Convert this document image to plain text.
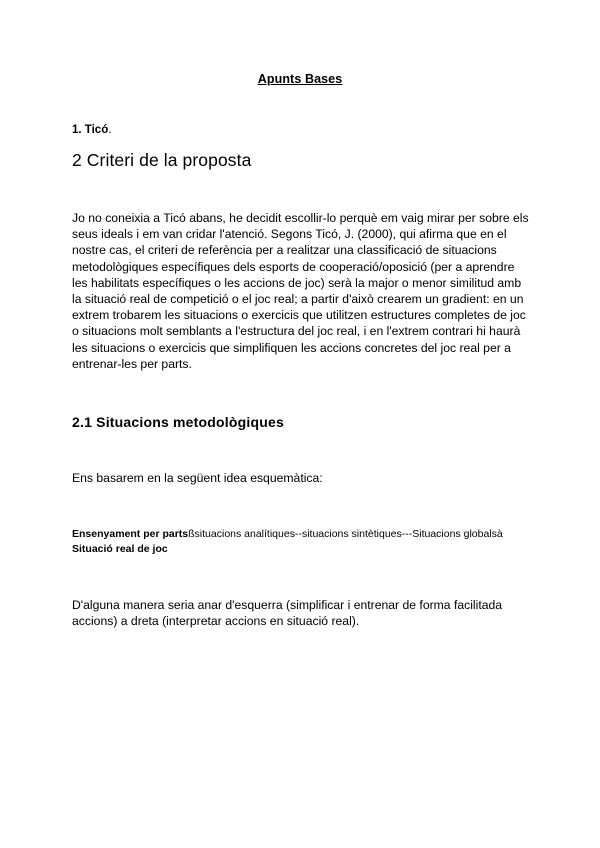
Apunts Bases
1. Ticó.
2 Criteri de la proposta
Jo no coneixia a Ticó abans, he decidit escollir-lo perquè em vaig mirar per sobre els seus ideals i em van cridar l'atenció. Segons Ticó, J. (2000), qui afirma que en el nostre cas, el criteri de referència per a realitzar una classificació de situacions metodològiques específiques dels esports de cooperació/oposició (per a aprendre les habilitats específiques o les accions de joc) serà la major o menor similitud amb la situació real de competició o el joc real; a partir d'això crearem un gradient: en un extrem trobarem les situacions o exercicis que utilitzen estructures completes de joc o situacions molt semblants a l'estructura del joc real, i en l'extrem contrari hi haurà les situacions o exercicis que simplifiquen les accions concretes del joc real per a entrenar-les per parts.
2.1 Situacions metodològiques
Ens basarem en la següent idea esquemàtica:
Ensenyament per partsßsituacions analítiques--situacions sintètiques---Situacions globalsà Situació real de joc
D'alguna manera seria anar d'esquerra (simplificar i entrenar de forma facilitada accions) a dreta (interpretar accions en situació real).
